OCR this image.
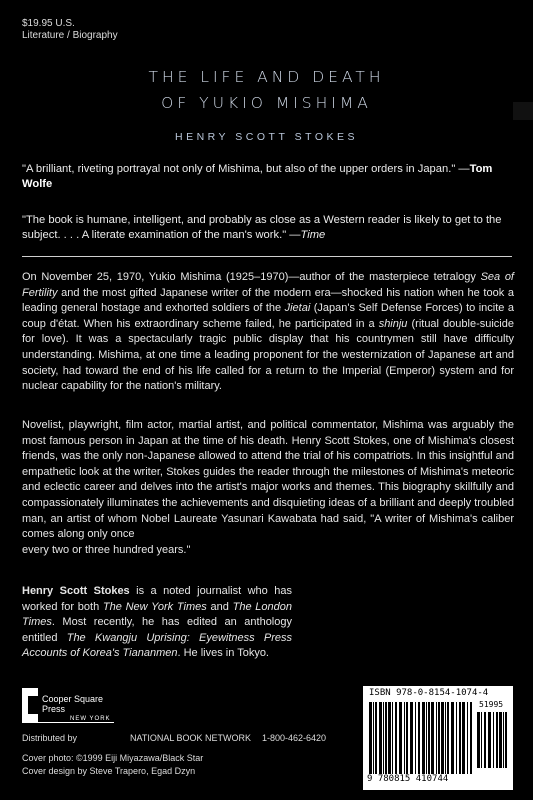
$19.95 U.S.
Literature / Biography
THE LIFE AND DEATH
OF YUKIO MISHIMA
HENRY SCOTT STOKES
"A brilliant, riveting portrayal not only of Mishima, but also of the upper orders in Japan." —Tom Wolfe
"The book is humane, intelligent, and probably as close as a Western reader is likely to get to the subject. . . . A literate examination of the man's work." —Time
On November 25, 1970, Yukio Mishima (1925–1970)—author of the masterpiece tetralogy Sea of Fertility and the most gifted Japanese writer of the modern era—shocked his nation when he took a leading general hostage and exhorted soldiers of the Jietai (Japan's Self Defense Forces) to incite a coup d'état. When his extraordinary scheme failed, he participated in a shinju (ritual double-suicide for love). It was a spectacularly tragic public display that his countrymen still have difficulty understanding. Mishima, at one time a leading proponent for the westernization of Japanese art and society, had toward the end of his life called for a return to the Imperial (Emperor) system and for nuclear capability for the nation's military.
Novelist, playwright, film actor, martial artist, and political commentator, Mishima was arguably the most famous person in Japan at the time of his death. Henry Scott Stokes, one of Mishima's closest friends, was the only non-Japanese allowed to attend the trial of his compatriots. In this insightful and empathetic look at the writer, Stokes guides the reader through the milestones of Mishima's meteoric and eclectic career and delves into the artist's major works and themes. This biography skillfully and compassionately illuminates the achievements and disquieting ideas of a brilliant and deeply troubled man, an artist of whom Nobel Laureate Yasunari Kawabata had said, "A writer of Mishima's caliber comes along only once
every two or three hundred years."
Henry Scott Stokes is a noted journalist who has worked for both The New York Times and The London Times. Most recently, he has edited an anthology entitled The Kwangju Uprising: Eyewitness Press Accounts of Korea's Tiananmen. He lives in Tokyo.
Cooper Square Press
NEW YORK
ISBN 978-0-8154-1074-4
51995
9 780815 410744
Distributed by	NATIONAL BOOK NETWORK 1-800-462-6420
Cover photo: ©1999 Eiji Miyazawa/Black Star
Cover design by Steve Trapero, Egad Dzyn
